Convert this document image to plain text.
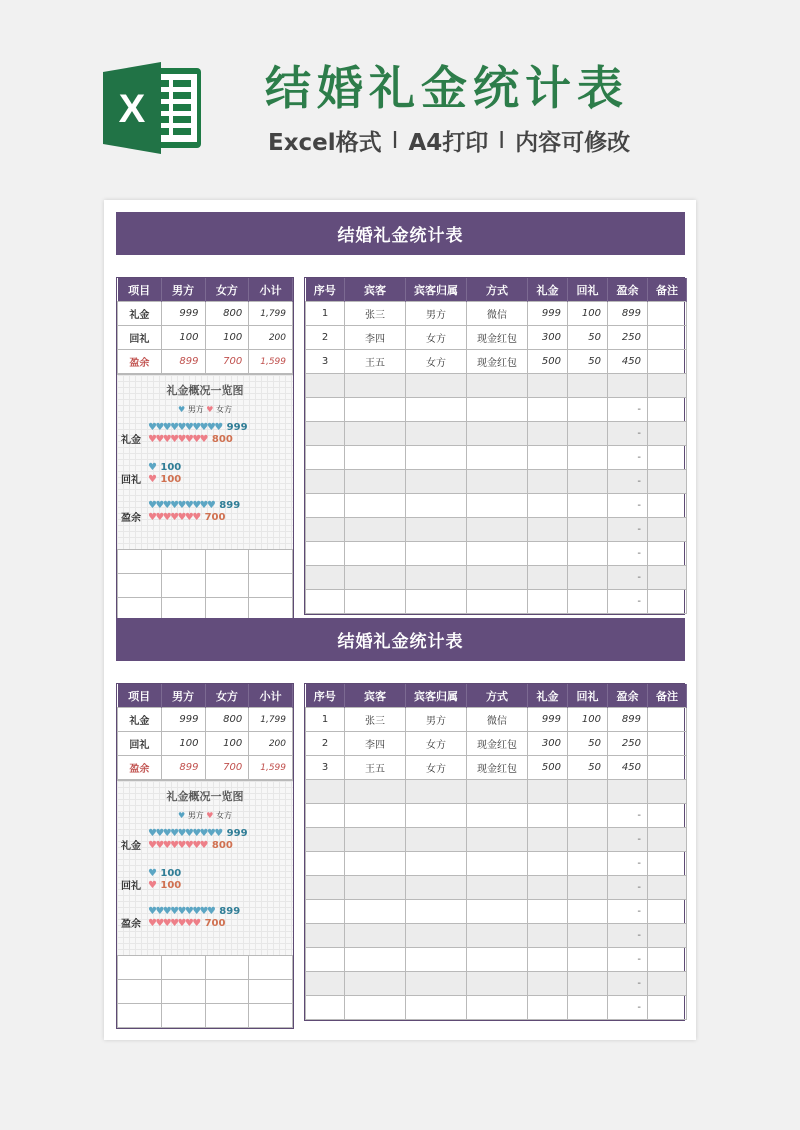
X	结婚礼金统计表
Excel格式 I A4打印 I 内容可修改
结婚礼金统计表
项目	男方	女方	小计
礼金	999	800	1,799
回礼	100	100	200
盈余	899	700	1,599
礼金概况一览图
♥ 男方 ♥ 女方
礼金
♥♥♥♥♥♥♥♥♥♥ 999
♥♥♥♥♥♥♥♥ 800
回礼
♥ 100
♥ 100
盈余
♥♥♥♥♥♥♥♥♥ 899
♥♥♥♥♥♥♥ 700

序号	宾客	宾客归属	方式	礼金	回礼	盈余	备注
1	张三	男方	微信	999	100	899	
2	李四	女方	现金红包	300	50	250	
3	王五	女方	现金红包	500	50	450	

						-	
						-	
						-	
						-	
						-	
						-	
						-	
						-	
						-	
结婚礼金统计表
项目	男方	女方	小计
礼金	999	800	1,799
回礼	100	100	200
盈余	899	700	1,599
礼金概况一览图
♥ 男方 ♥ 女方
礼金
♥♥♥♥♥♥♥♥♥♥ 999
♥♥♥♥♥♥♥♥ 800
回礼
♥ 100
♥ 100
盈余
♥♥♥♥♥♥♥♥♥ 899
♥♥♥♥♥♥♥ 700

序号	宾客	宾客归属	方式	礼金	回礼	盈余	备注
1	张三	男方	微信	999	100	899	
2	李四	女方	现金红包	300	50	250	
3	王五	女方	现金红包	500	50	450	

						-	
						-	
						-	
						-	
						-	
						-	
						-	
						-	
						-	
